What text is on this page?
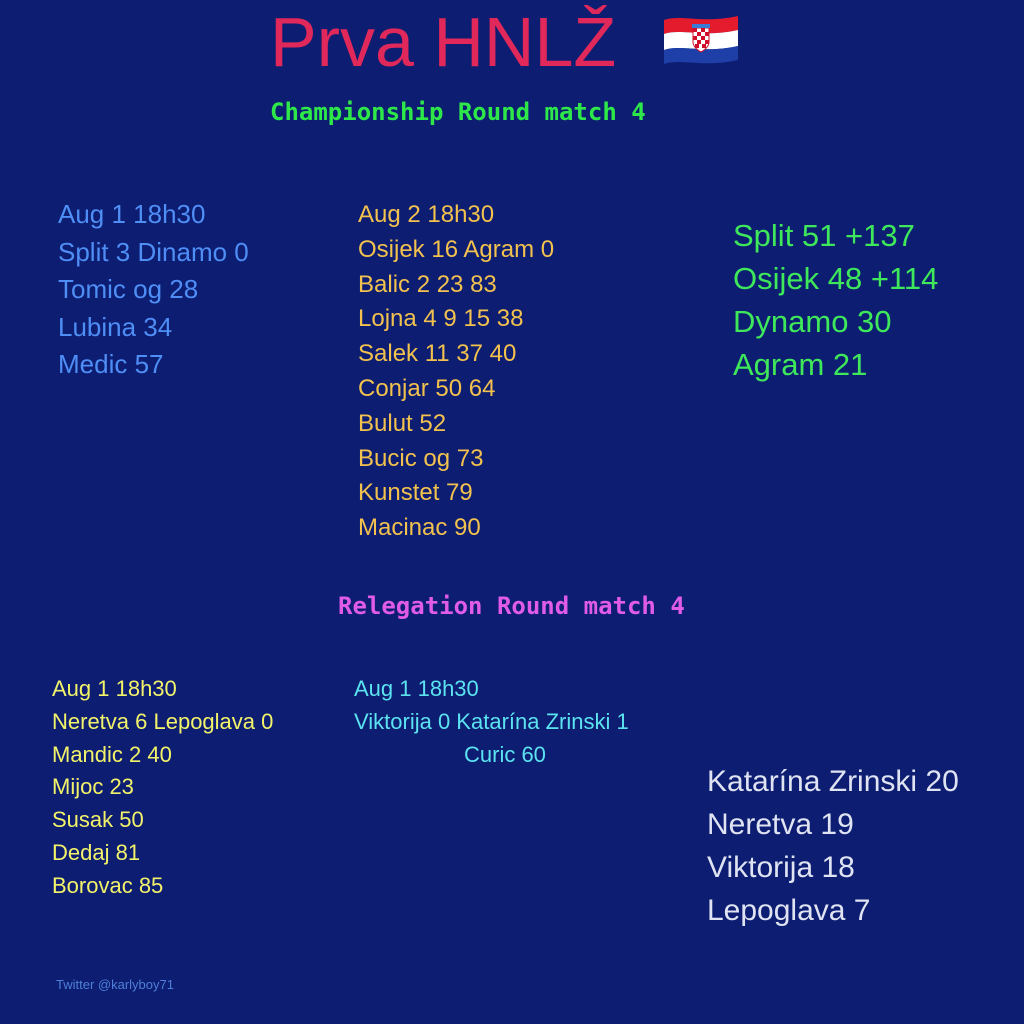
Prva HNLŽ
Championship Round match 4
Aug 1 18h30
Split 3 Dinamo 0
Tomic og 28
Lubina 34
Medic 57
Aug 2 18h30
Osijek 16 Agram 0
Balic 2 23 83
Lojna 4 9 15 38
Salek 11 37 40
Conjar 50 64
Bulut 52
Bucic og 73
Kunstet 79
Macinac 90
Split 51 +137
Osijek 48 +114
Dynamo 30
Agram 21
Relegation Round match 4
Aug 1 18h30
Neretva 6 Lepoglava 0
Mandic 2 40
Mijoc 23
Susak 50
Dedaj 81
Borovac 85
Aug 1 18h30
Viktorija 0 Katarína Zrinski 1
Curic 60
Katarína Zrinski 20
Neretva 19
Viktorija 18
Lepoglava 7
Twitter @karlyboy71
